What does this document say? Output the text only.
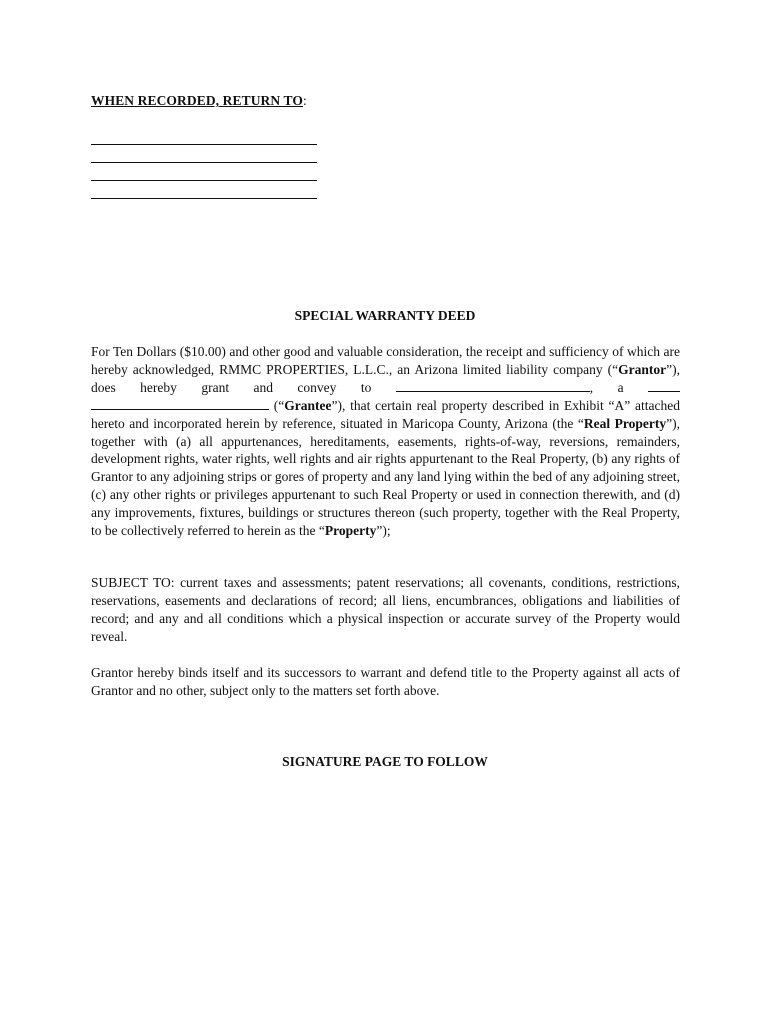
WHEN RECORDED, RETURN TO:
SPECIAL WARRANTY DEED

For Ten Dollars ($10.00) and other good and valuable consideration, the receipt and sufficiency of which are hereby acknowledged, RMMC PROPERTIES, L.L.C., an Arizona limited liability company (“Grantor”), does hereby grant and convey to	, a   (“Grantee”), that certain real property described in Exhibit “A” attached hereto and incorporated herein by reference, situated in Maricopa County, Arizona (the “Real Property”), together with (a) all appurtenances, hereditaments, easements, rights-of-way, reversions, remainders, development rights, water rights, well rights and air rights appurtenant to the Real Property, (b) any rights of Grantor to any adjoining strips or gores of property and any land lying within the bed of any adjoining street, (c) any other rights or privileges appurtenant to such Real Property or used in connection therewith, and (d) any improvements, fixtures, buildings or structures thereon (such property, together with the Real Property, to be collectively referred to herein as the “Property”);

SUBJECT TO: current taxes and assessments; patent reservations; all covenants, conditions, restrictions, reservations, easements and declarations of record; all liens, encumbrances, obligations and liabilities of record; and any and all conditions which a physical inspection or accurate survey of the Property would reveal.

Grantor hereby binds itself and its successors to warrant and defend title to the Property against all acts of Grantor and no other, subject only to the matters set forth above.

SIGNATURE PAGE TO FOLLOW
